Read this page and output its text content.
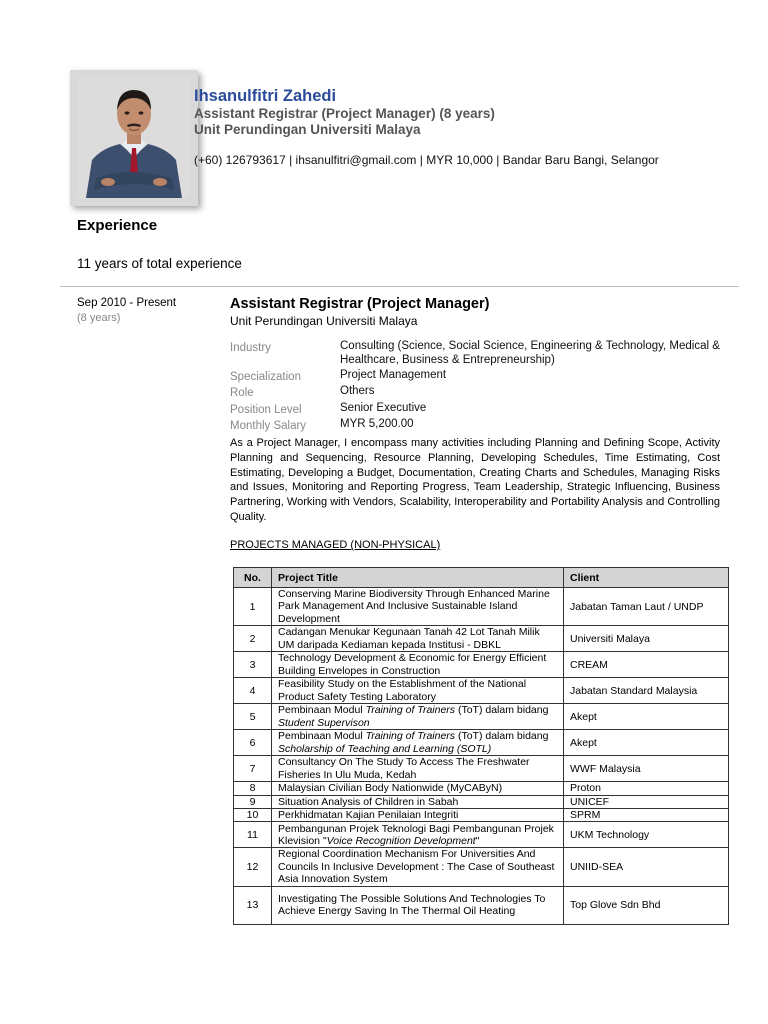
Ihsanulfitri Zahedi
Assistant Registrar (Project Manager) (8 years)
Unit Perundingan Universiti Malaya
(+60) 126793617 | ihsanulfitri@gmail.com | MYR 10,000 | Bandar Baru Bangi, Selangor
Experience
11 years of total experience
Sep 2010 - Present
(8 years)
Assistant Registrar (Project Manager)
Unit Perundingan Universiti Malaya
Industry	Consulting (Science, Social Science, Engineering & Technology, Medical & Healthcare, Business & Entrepreneurship)
Specialization	Project Management
Role	Others
Position Level	Senior Executive
Monthly Salary	MYR 5,200.00
As a Project Manager, I encompass many activities including Planning and Defining Scope, Activity Planning and Sequencing, Resource Planning, Developing Schedules, Time Estimating, Cost Estimating, Developing a Budget, Documentation, Creating Charts and Schedules, Managing Risks and Issues, Monitoring and Reporting Progress, Team Leadership, Strategic Influencing, Business Partnering, Working with Vendors, Scalability, Interoperability and Portability Analysis and Controlling Quality.
PROJECTS MANAGED (NON-PHYSICAL)
No.	Project Title	Client
1	Conserving Marine Biodiversity Through Enhanced Marine Park Management And Inclusive Sustainable Island Development	Jabatan Taman Laut / UNDP
2	Cadangan Menukar Kegunaan Tanah 42 Lot Tanah Milik UM daripada Kediaman kepada Institusi - DBKL	Universiti Malaya
3	Technology Development & Economic for Energy Efficient Building Envelopes in Construction	CREAM
4	Feasibility Study on the Establishment of the National Product Safety Testing Laboratory	Jabatan Standard Malaysia
5	Pembinaan Modul Training of Trainers (ToT) dalam bidang Student Supervison	Akept
6	Pembinaan Modul Training of Trainers (ToT) dalam bidang Scholarship of Teaching and Learning (SOTL)	Akept
7	Consultancy On The Study To Access The Freshwater Fisheries In Ulu Muda, Kedah	WWF Malaysia
8	Malaysian Civilian Body Nationwide (MyCAByN)	Proton
9	Situation Analysis of Children in Sabah	UNICEF
10	Perkhidmatan Kajian Penilaian Integriti	SPRM
11	Pembangunan Projek Teknologi Bagi Pembangunan Projek Klevision "Voice Recognition Development"	UKM Technology
12	Regional Coordination Mechanism For Universities And Councils In Inclusive Development : The Case of Southeast Asia Innovation System	UNIID-SEA
13	Investigating The Possible Solutions And Technologies To Achieve Energy Saving In The Thermal Oil Heating	Top Glove Sdn Bhd
